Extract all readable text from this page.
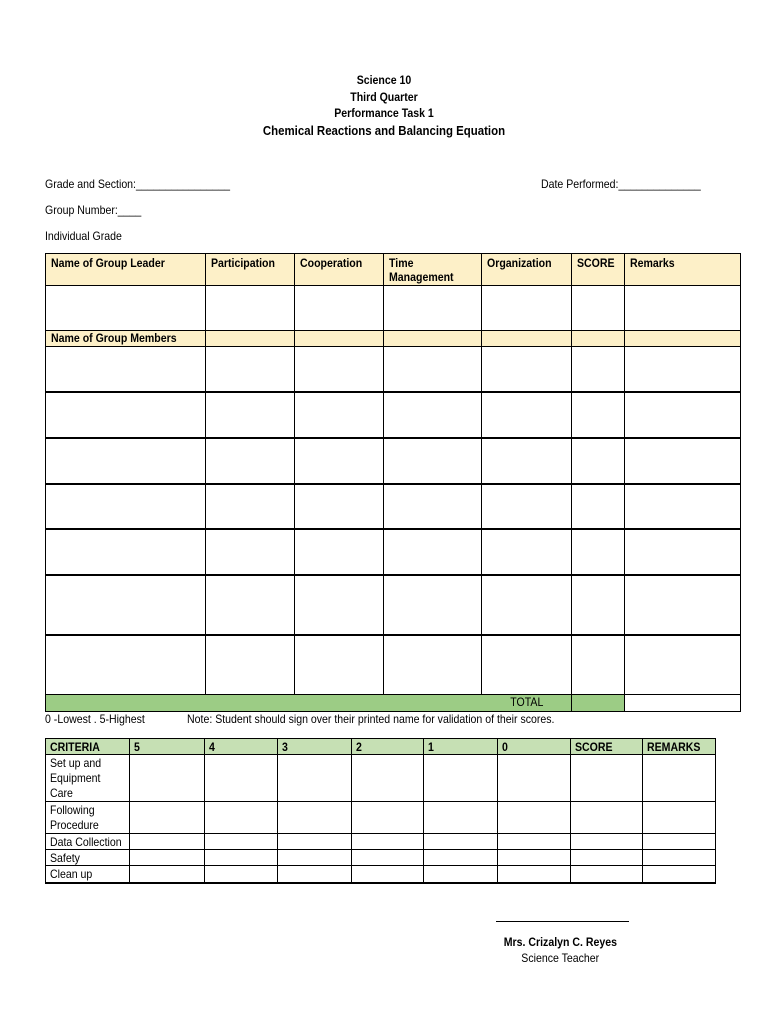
Science 10
Third Quarter
Performance Task 1
Chemical Reactions and Balancing Equation
Grade and Section:________________	Date Performed:______________
Group Number:____
Individual Grade
Name of Group Leader	Participation	Cooperation	Time Management	Organization	SCORE	Remarks

Name of Group Members						

TOTAL						
0 -Lowest . 5-Highest	Note: Student should sign over their printed name for validation of their scores.
CRITERIA	5	4	3	2	1	0	SCORE	REMARKS

Set up and Equipment Care								

Following Procedure								

Data Collection								

Safety								

Clean up								

Mrs. Crizalyn C. Reyes
Science Teacher
